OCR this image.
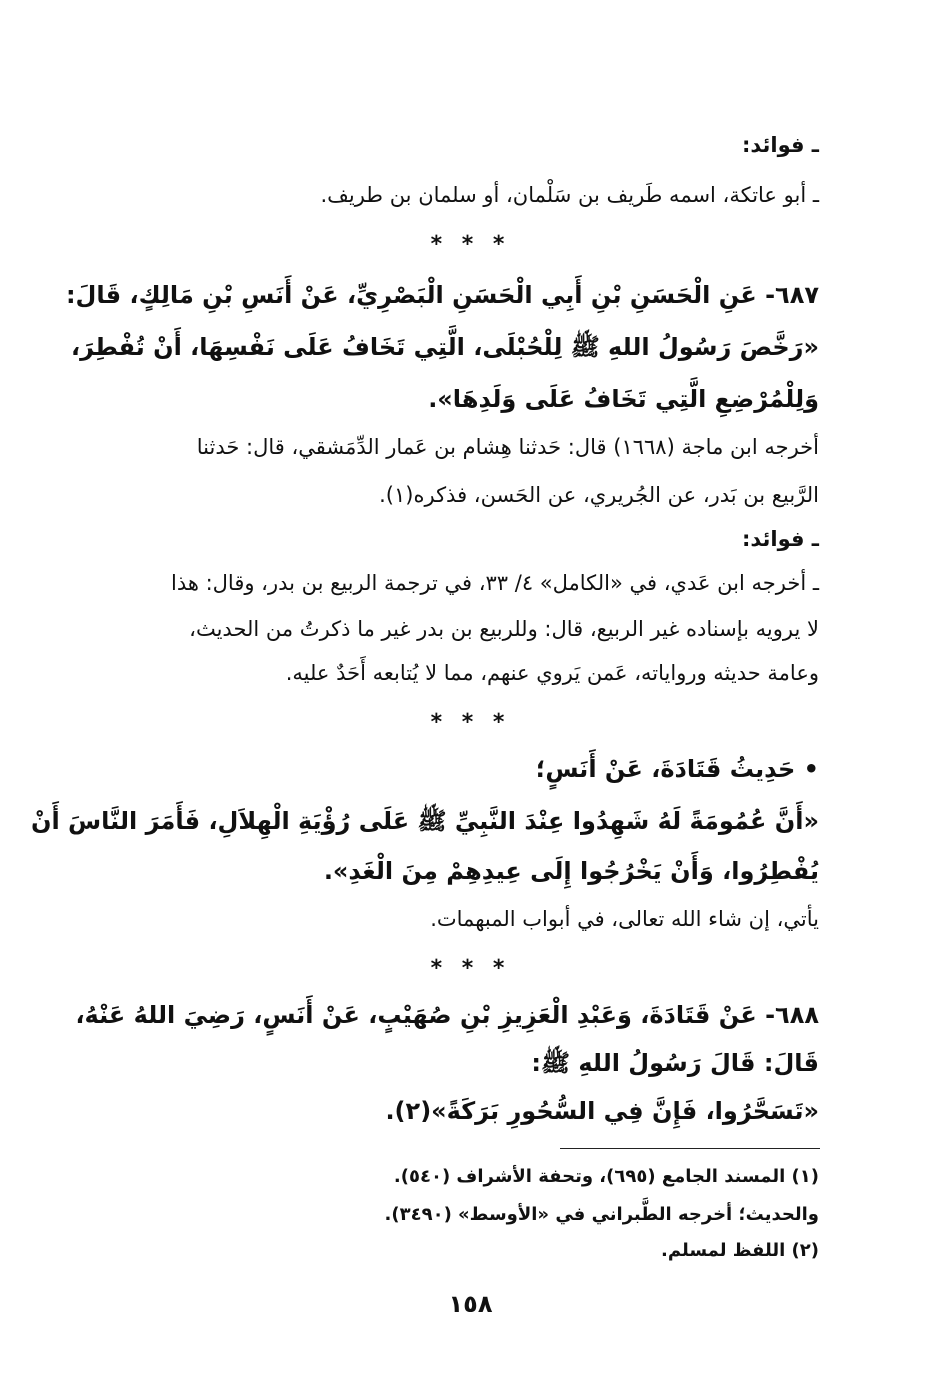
ـ فوائد:
ـ أبو عاتكة، اسمه طَريف بن سَلْمان، أو سلمان بن طريف.
* * *
٦٨٧- عَنِ الْحَسَنِ بْنِ أَبِي الْحَسَنِ الْبَصْرِيِّ، عَنْ أَنَسِ بْنِ مَالِكٍ، قَالَ:
«رَخَّصَ رَسُولُ اللهِ ﷺ لِلْحُبْلَى، الَّتِي تَخَافُ عَلَى نَفْسِهَا، أَنْ تُفْطِرَ،
وَلِلْمُرْضِعِ الَّتِي تَخَافُ عَلَى وَلَدِهَا».
أخرجه ابن ماجة (١٦٦٨) قال: حَدثنا هِشام بن عَمار الدِّمَشقي، قال: حَدثنا
الرَّبيع بن بَدر، عن الجُريري، عن الحَسن، فذكره(١).
ـ فوائد:
ـ أخرجه ابن عَدي، في «الكامل» ٤/ ٣٣، في ترجمة الربيع بن بدر، وقال: هذا
لا يرويه بإسناده غير الربيع، قال: وللربيع بن بدر غير ما ذكرتُ من الحديث،
وعامة حديثه ورواياته، عَمن يَروي عنهم، مما لا يُتابعه أَحَدٌ عليه.
* * *
• حَدِيثُ قَتَادَةَ، عَنْ أَنَسٍ؛
«أَنَّ عُمُومَةً لَهُ شَهِدُوا عِنْدَ النَّبِيِّ ﷺ عَلَى رُؤْيَةِ الْهِلاَلِ، فَأَمَرَ النَّاسَ أَنْ
يُفْطِرُوا، وَأَنْ يَخْرُجُوا إِلَى عِيدِهِمْ مِنَ الْغَدِ».
يأتي، إن شاء الله تعالى، في أبواب المبهمات.
* * *
٦٨٨- عَنْ قَتَادَةَ، وَعَبْدِ الْعَزِيزِ بْنِ صُهَيْبٍ، عَنْ أَنَسٍ، رَضِيَ اللهُ عَنْهُ،
قَالَ: قَالَ رَسُولُ اللهِ ﷺ:
«تَسَحَّرُوا، فَإِنَّ فِي السُّحُورِ بَرَكَةً»(٢).
(١) المسند الجامع (٦٩٥)، وتحفة الأشراف (٥٤٠).
والحديث؛ أخرجه الطَّبراني في «الأوسط» (٣٤٩٠).
(٢) اللفظ لمسلم.
١٥٨
